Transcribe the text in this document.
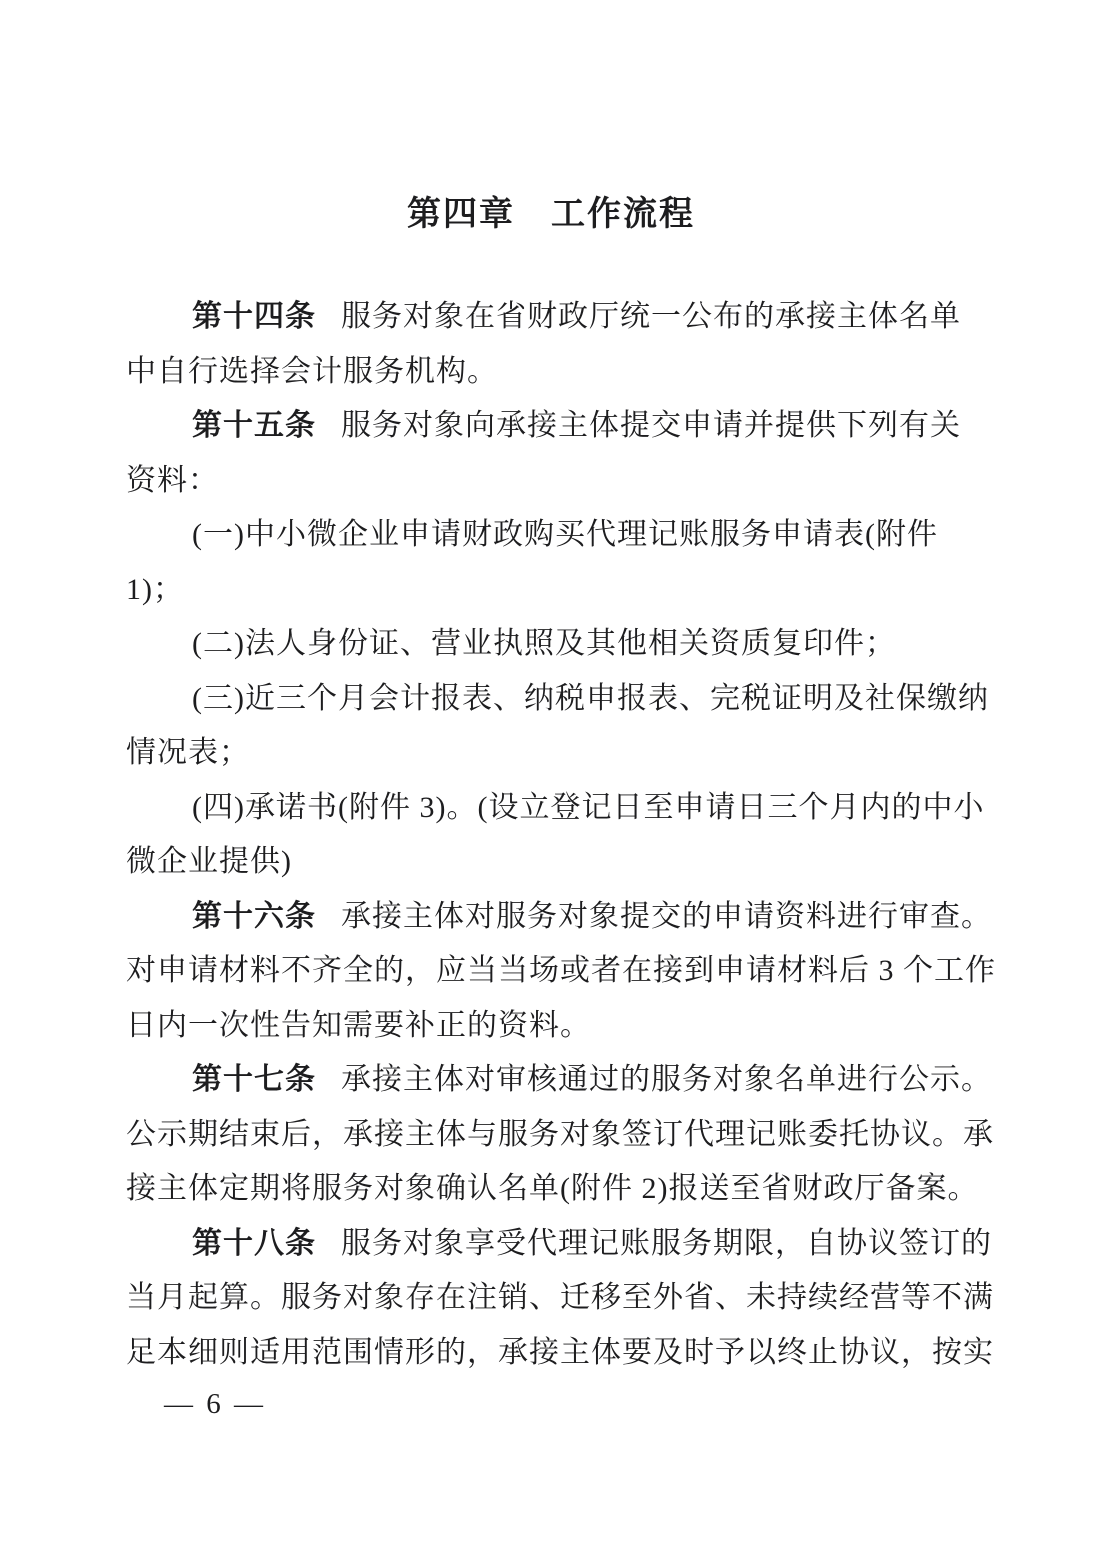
第四章　工作流程
第十四条 服务对象在省财政厅统一公布的承接主体名单
中自行选择会计服务机构。
第十五条 服务对象向承接主体提交申请并提供下列有关
资料：
(一)中小微企业申请财政购买代理记账服务申请表(附件
1)；
(二)法人身份证、营业执照及其他相关资质复印件；
(三)近三个月会计报表、纳税申报表、完税证明及社保缴纳
情况表；
(四)承诺书(附件 3)。(设立登记日至申请日三个月内的中小
微企业提供)
第十六条 承接主体对服务对象提交的申请资料进行审查。
对申请材料不齐全的，应当当场或者在接到申请材料后 3 个工作
日内一次性告知需要补正的资料。
第十七条 承接主体对审核通过的服务对象名单进行公示。
公示期结束后，承接主体与服务对象签订代理记账委托协议。承
接主体定期将服务对象确认名单(附件 2)报送至省财政厅备案。
第十八条 服务对象享受代理记账服务期限，自协议签订的
当月起算。服务对象存在注销、迁移至外省、未持续经营等不满
足本细则适用范围情形的，承接主体要及时予以终止协议，按实
— 6 —
